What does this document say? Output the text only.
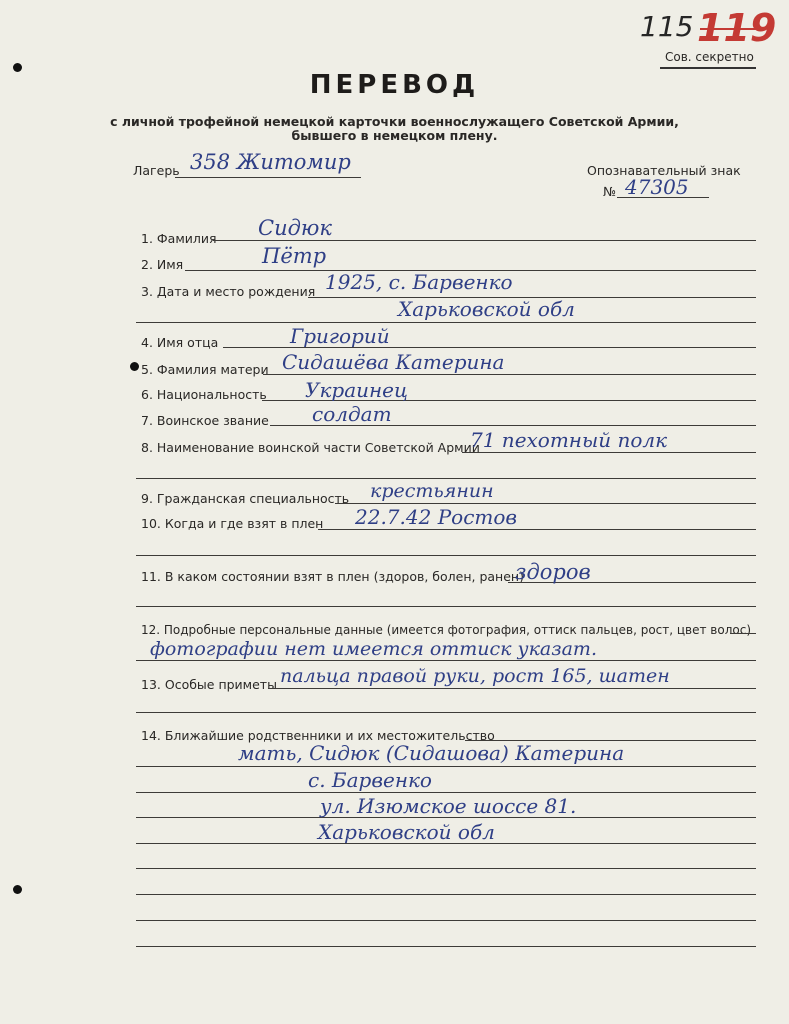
115 119
Сов. секретно
ПЕРЕВОД
с личной трофейной немецкой карточки военнослужащего Советской Армии,
бывшего в немецком плену.
Лагерь 358 Житомир	Опознавательный знак
№ 47305
1. Фамилия Сидюк
2. Имя	Пётр
3. Дата и место рождения 1925, с. Барвенко
Харьковской обл
4. Имя отца	Григорий
5. Фамилия матери Сидашёва Катерина
6. Национальность Украинец
7. Воинское звание солдат
8. Наименование воинской части Советской Армии
71 пехотный полк
9. Гражданская специальность крестьянин
10. Когда и где взят в плен 22.7.42 Ростов
11. В каком состоянии взят в плен (здоров, болен, ранен)
здоров
12. Подробные персональные данные (имеется фотография, оттиск пальцев, рост, цвет волос)
фотографии нет имеется оттиск указат.
13. Особые приметы пальца правой руки, рост 165, шатен
14. Ближайшие родственники и их местожительство
мать, Сидюк (Сидашова) Катерина
с. Барвенко
ул. Изюмское шоссе 81.
Харьковской обл
